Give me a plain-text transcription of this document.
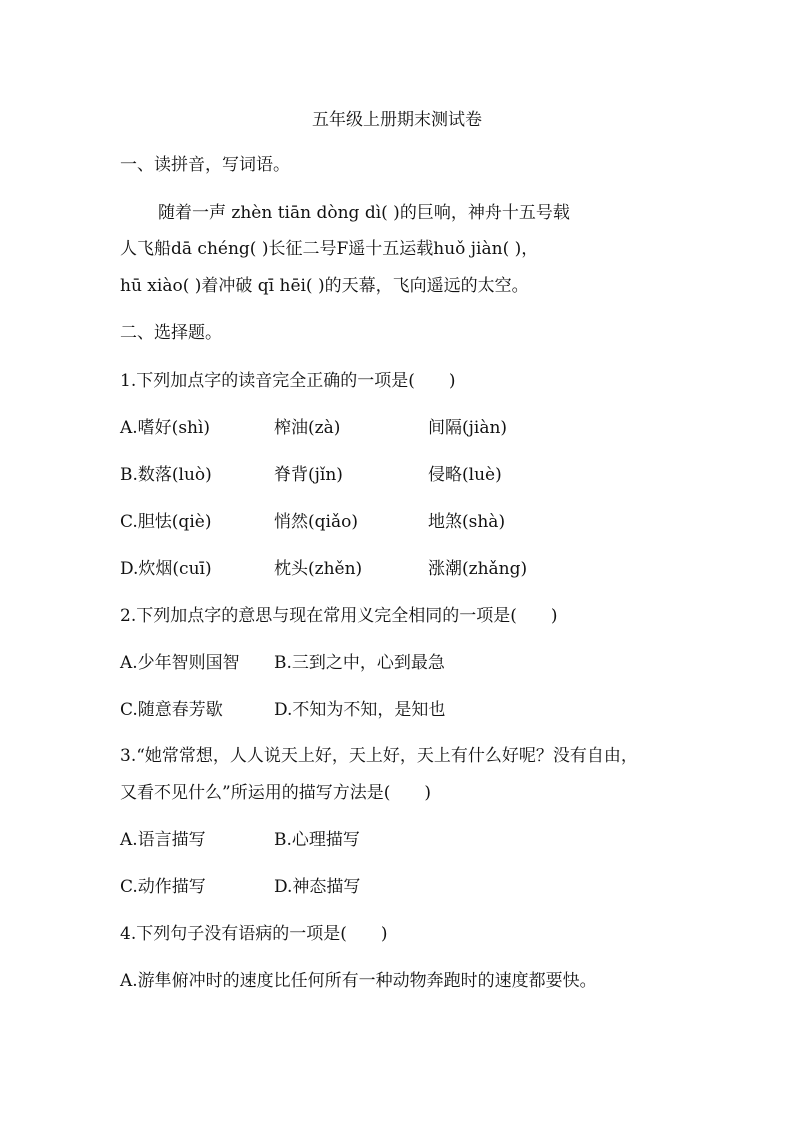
五年级上册期末测试卷
一、读拼音，写词语。
随着一声 zhèn tiān dòng dì( )的巨响，神舟十五号载
人飞船dā chéng( )长征二号F遥十五运载huǒ jiàn( )，
hū xiào( )着冲破 qī hēi( )的天幕，飞向遥远的太空。
二、选择题。
1.下列加点字的读音完全正确的一项是(　　)
A.嗜好(shì)	榨油(zà)	间隔(jiàn)
B.数落(luò)	脊背(jǐn)	侵略(luè)
C.胆怯(qiè)	悄然(qiǎo)	地煞(shà)
D.炊烟(cuī)	枕头(zhěn)	涨潮(zhǎng)
2.下列加点字的意思与现在常用义完全相同的一项是(　　)
A.少年智则国智 B.三到之中，心到最急
C.随意春芳歇	D.不知为不知，是知也
3.“她常常想，人人说天上好，天上好，天上有什么好呢？没有自由，
又看不见什么”所运用的描写方法是(　　)
A.语言描写	B.心理描写
C.动作描写	D.神态描写
4.下列句子没有语病的一项是(　　)
A.游隼俯冲时的速度比任何所有一种动物奔跑时的速度都要快。
